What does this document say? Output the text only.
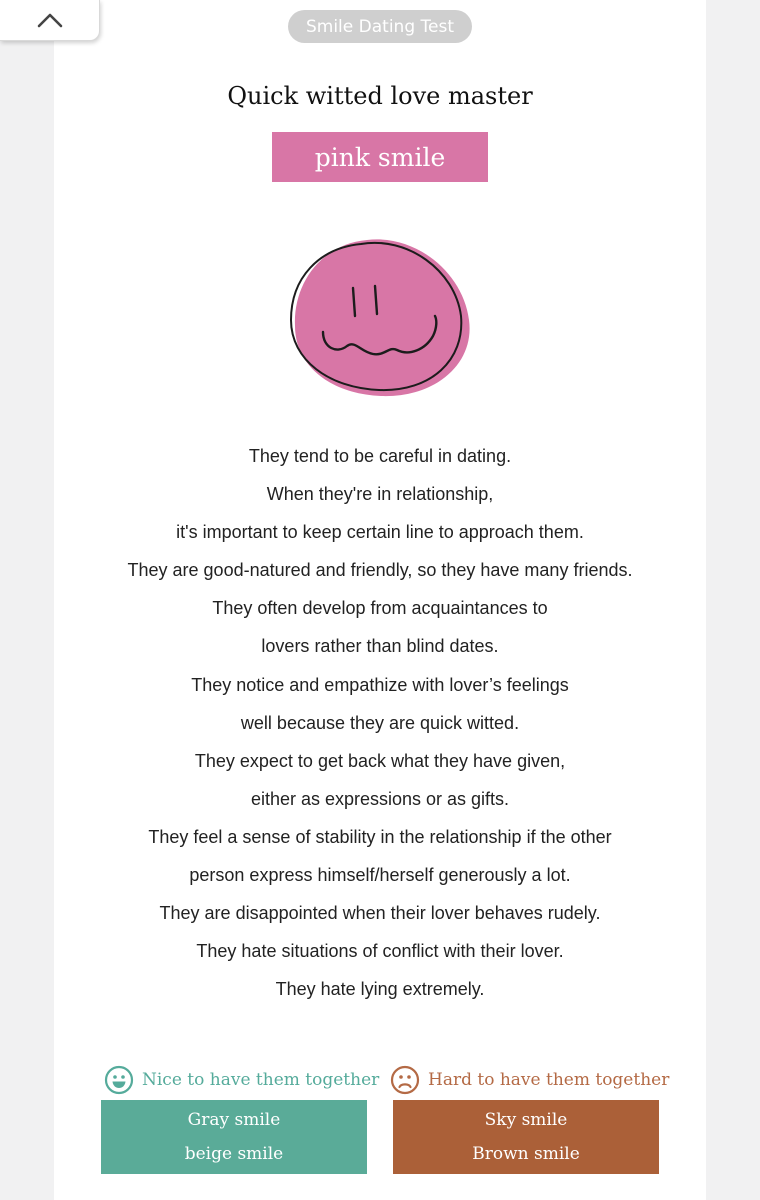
Smile Dating Test
Quick witted love master
pink smile
They tend to be careful in dating.
When they're in relationship,
it's important to keep certain line to approach them.
They are good-natured and friendly, so they have many friends.
They often develop from acquaintances to
lovers rather than blind dates.
They notice and empathize with lover’s feelings
well because they are quick witted.
They expect to get back what they have given,
either as expressions or as gifts.
They feel a sense of stability in the relationship if the other
person express himself/herself generously a lot.
They are disappointed when their lover behaves rudely.
They hate situations of conflict with their lover.
They hate lying extremely.
Nice to have them together	Hard to have them together
Gray smile
beige smile
Sky smile
Brown smile
